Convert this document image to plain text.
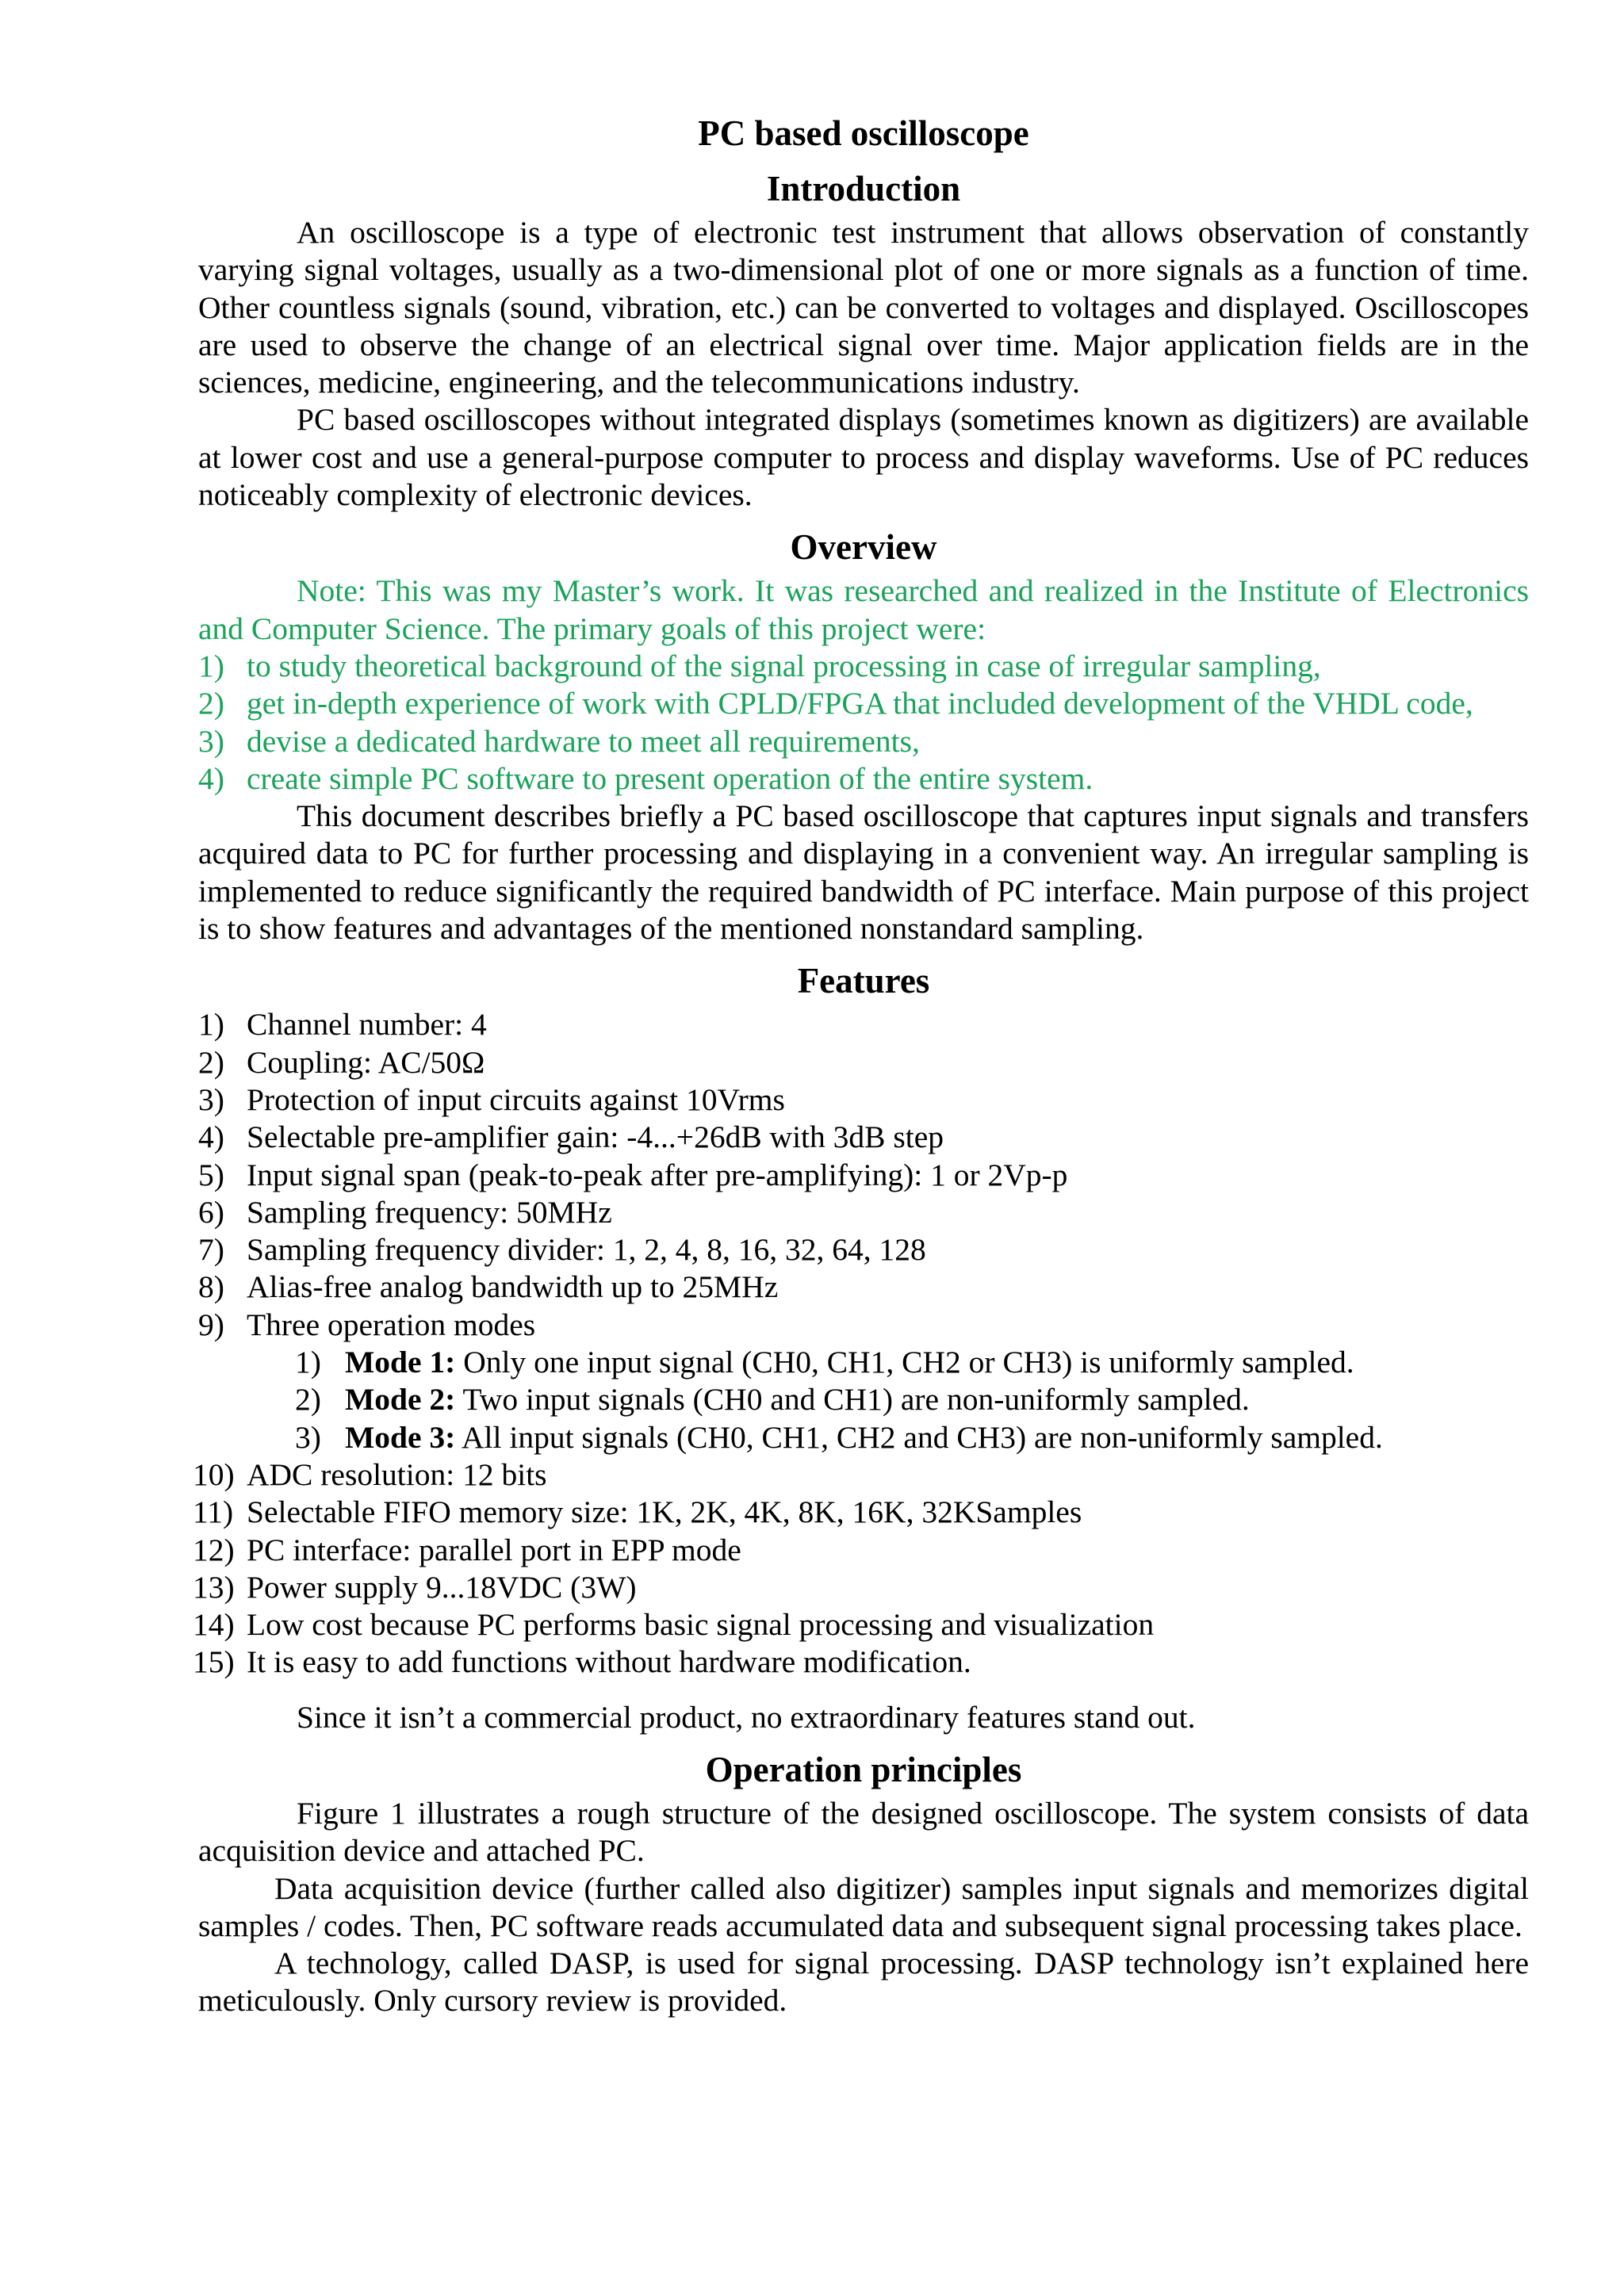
PC based oscilloscope
Introduction

An oscilloscope is a type of electronic test instrument that allows observation of constantly varying signal voltages, usually as a two-dimensional plot of one or more signals as a function of time. Other countless signals (sound, vibration, etc.) can be converted to voltages and displayed. Oscilloscopes are used to observe the change of an electrical signal over time. Major application fields are in the sciences, medicine, engineering, and the telecommunications industry.

PC based oscilloscopes without integrated displays (sometimes known as digitizers) are available at lower cost and use a general-purpose computer to process and display waveforms. Use of PC reduces noticeably complexity of electronic devices.

Overview

Note: This was my Master’s work. It was researched and realized in the Institute of Electronics and Computer Science. The primary goals of this project were:

1) to study theoretical background of the signal processing in case of irregular sampling,
2) get in-depth experience of work with CPLD/FPGA that included development of the VHDL code,
3) devise a dedicated hardware to meet all requirements,
4) create simple PC software to present operation of the entire system.

This document describes briefly a PC based oscilloscope that captures input signals and transfers acquired data to PC for further processing and displaying in a convenient way. An irregular sampling is implemented to reduce significantly the required bandwidth of PC interface. Main purpose of this project is to show features and advantages of the mentioned nonstandard sampling.

Features
1) Channel number: 4
2) Coupling: AC/50Ω
3) Protection of input circuits against 10Vrms
4) Selectable pre-amplifier gain: -4...+26dB with 3dB step
5) Input signal span (peak-to-peak after pre-amplifying): 1 or 2Vp-p
6) Sampling frequency: 50MHz
7) Sampling frequency divider: 1, 2, 4, 8, 16, 32, 64, 128
8) Alias-free analog bandwidth up to 25MHz
9) Three operation modes
1) Mode 1: Only one input signal (CH0, CH1, CH2 or CH3) is uniformly sampled.
2) Mode 2: Two input signals (CH0 and CH1) are non-uniformly sampled.
3) Mode 3: All input signals (CH0, CH1, CH2 and CH3) are non-uniformly sampled.
10) ADC resolution: 12 bits
11) Selectable FIFO memory size: 1K, 2K, 4K, 8K, 16K, 32KSamples
12) PC interface: parallel port in EPP mode
13) Power supply 9...18VDC (3W)
14) Low cost because PC performs basic signal processing and visualization
15) It is easy to add functions without hardware modification.

Since it isn’t a commercial product, no extraordinary features stand out.

Operation principles

Figure 1 illustrates a rough structure of the designed oscilloscope. The system consists of data acquisition device and attached PC.

Data acquisition device (further called also digitizer) samples input signals and memorizes digital samples / codes. Then, PC software reads accumulated data and subsequent signal processing takes place.

A technology, called DASP, is used for signal processing. DASP technology isn’t explained here meticulously. Only cursory review is provided.
